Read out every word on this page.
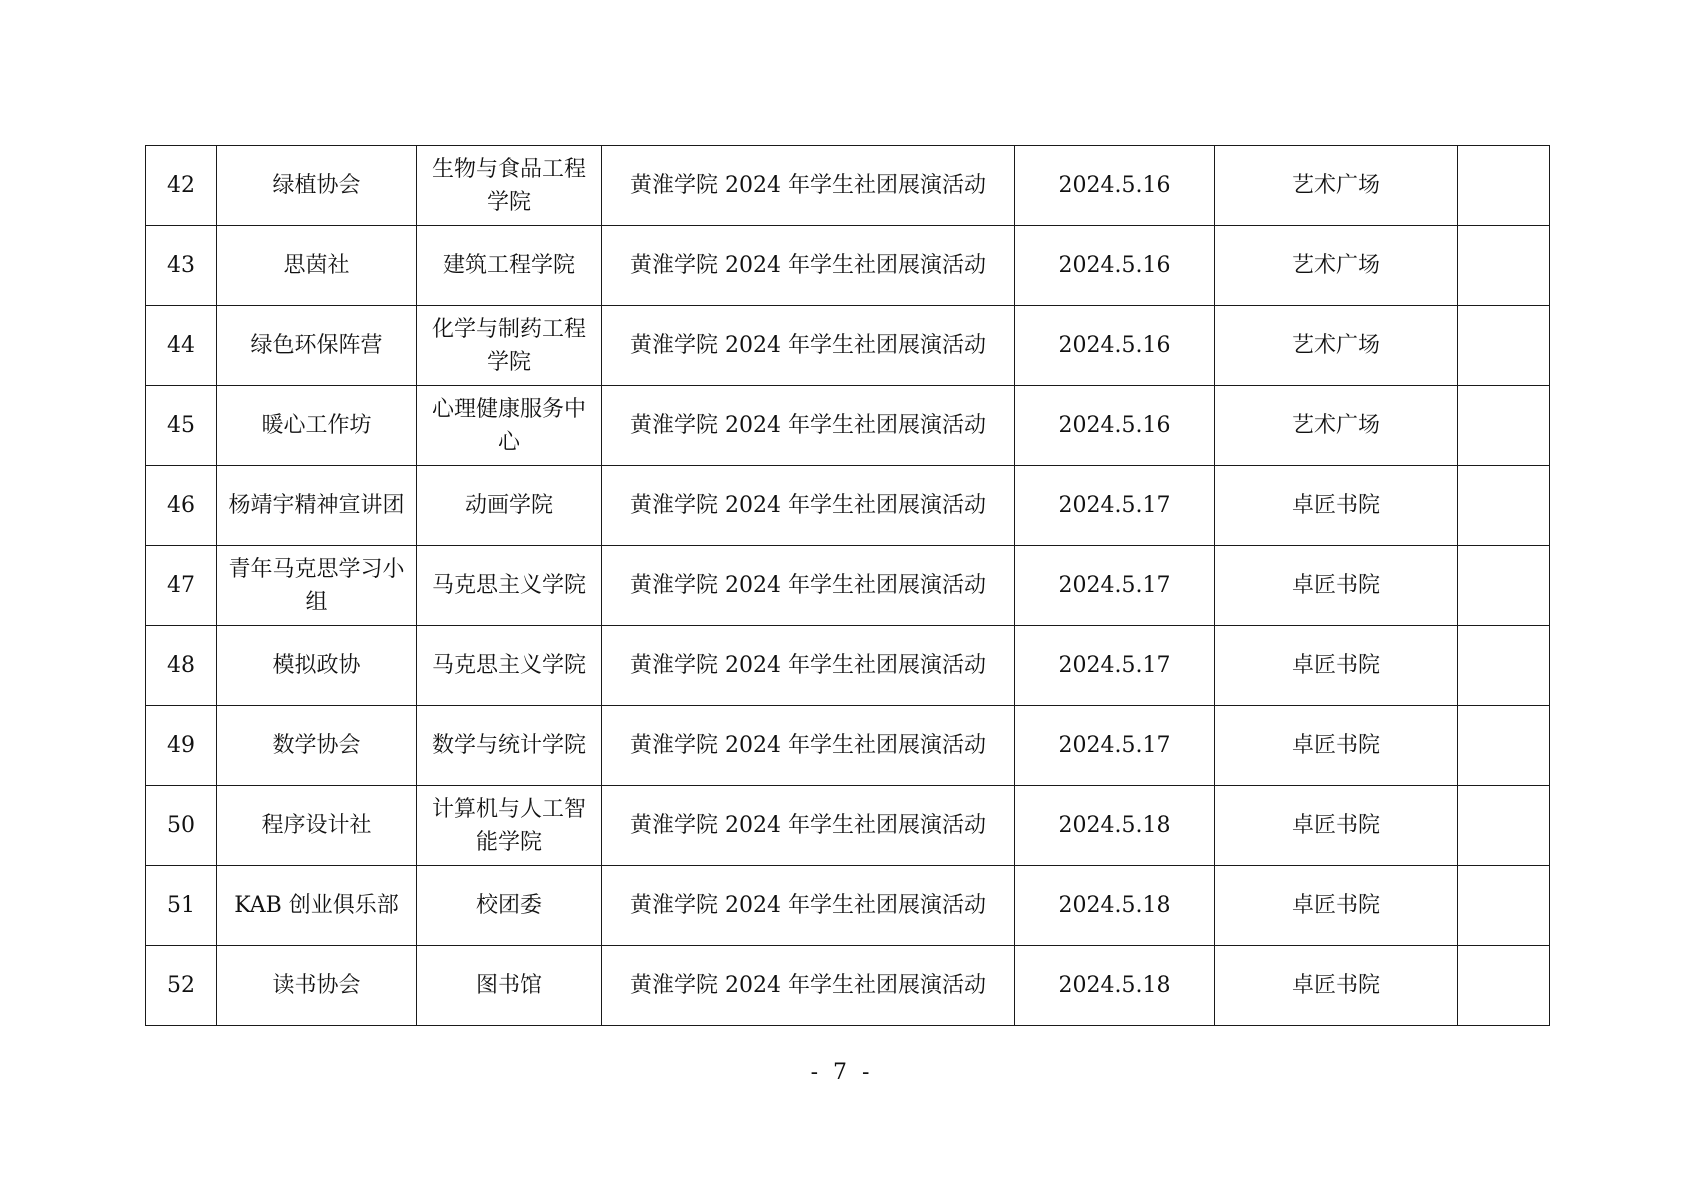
42	绿植协会	生物与食品工程学院	黄淮学院 2024 年学生社团展演活动	2024.5.16	艺术广场	
43	思茵社	建筑工程学院	黄淮学院 2024 年学生社团展演活动	2024.5.16	艺术广场	
44	绿色环保阵营	化学与制药工程学院	黄淮学院 2024 年学生社团展演活动	2024.5.16	艺术广场	
45	暖心工作坊	心理健康服务中心	黄淮学院 2024 年学生社团展演活动	2024.5.16	艺术广场	
46	杨靖宇精神宣讲团	动画学院	黄淮学院 2024 年学生社团展演活动	2024.5.17	卓匠书院	
47	青年马克思学习小组	马克思主义学院	黄淮学院 2024 年学生社团展演活动	2024.5.17	卓匠书院	
48	模拟政协	马克思主义学院	黄淮学院 2024 年学生社团展演活动	2024.5.17	卓匠书院	
49	数学协会	数学与统计学院	黄淮学院 2024 年学生社团展演活动	2024.5.17	卓匠书院	
50	程序设计社	计算机与人工智能学院	黄淮学院 2024 年学生社团展演活动	2024.5.18	卓匠书院	
51	KAB 创业俱乐部	校团委	黄淮学院 2024 年学生社团展演活动	2024.5.18	卓匠书院	
52	读书协会	图书馆	黄淮学院 2024 年学生社团展演活动	2024.5.18	卓匠书院	
- 7 -
